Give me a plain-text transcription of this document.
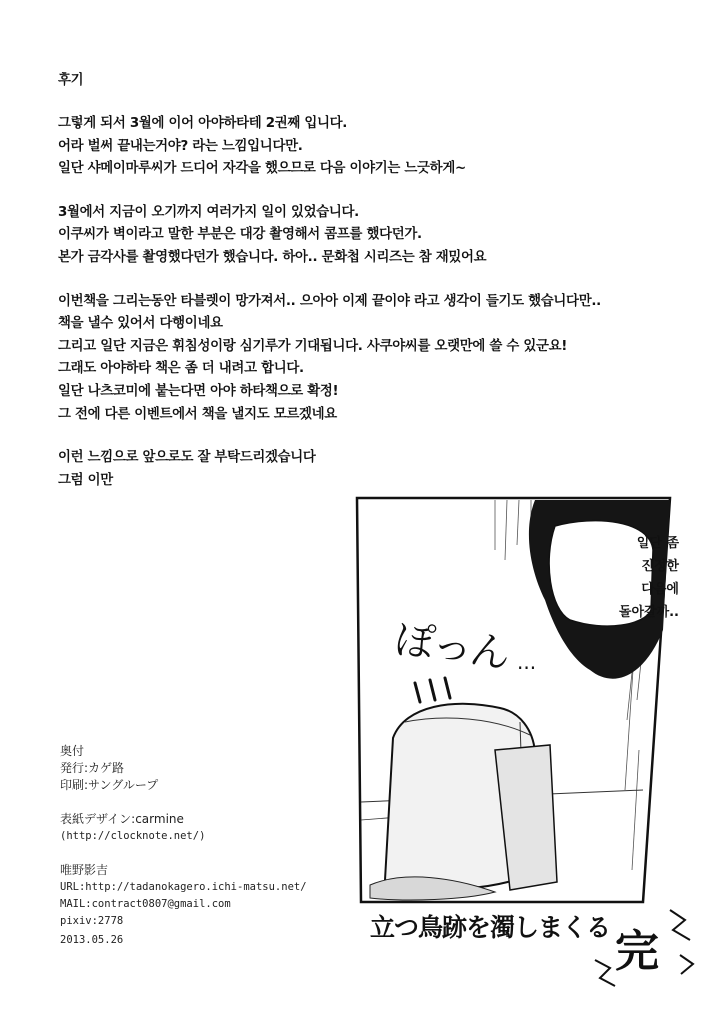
후기
그렇게 되서 3월에 이어 아야하타테 2권째 입니다.
어라 벌써 끝내는거야? 라는 느낌입니다만.
일단 샤메이마루씨가 드디어 자각을 했으므로 다음 이야기는 느긋하게~
3월에서 지금이 오기까지 여러가지 일이 있었습니다.
이쿠씨가 벽이라고 말한 부분은 대강 촬영해서 콤프를 했다던가.
본가 금각사를 촬영했다던가 했습니다. 하아.. 문화첩 시리즈는 참 재밌어요
이번책을 그리는동안 타블렛이 망가져서.. 으아아 이제 끝이야 라고 생각이 들기도 했습니다만..
책을 낼수 있어서 다행이네요
그리고 일단 지금은 휘침성이랑 심기루가 기대됩니다. 사쿠야씨를 오랫만에 쓸 수 있군요!
그래도 아야하타 책은 좀 더 내려고 합니다.
일단 나츠코미에 붙는다면 아야 하타책으로 확정!
그 전에 다른 이벤트에서 책을 낼지도 모르겠네요
이런 느낌으로 앞으로도 잘 부탁드리겠습니다
그럼 이만
奥付
発行:カゲ路
印刷:サングループ
表紙デザイン:carmine
(http://clocknote.net/)
唯野影吉
URL:http://tadanokagero.ichi-matsu.net/
MAIL:contract0807@gmail.com
pixiv:2778
2013.05.26
일단 좀
진정한
다음에
돌아갈까..
ぽっん ...
立つ鳥跡を濁しまくる 完
